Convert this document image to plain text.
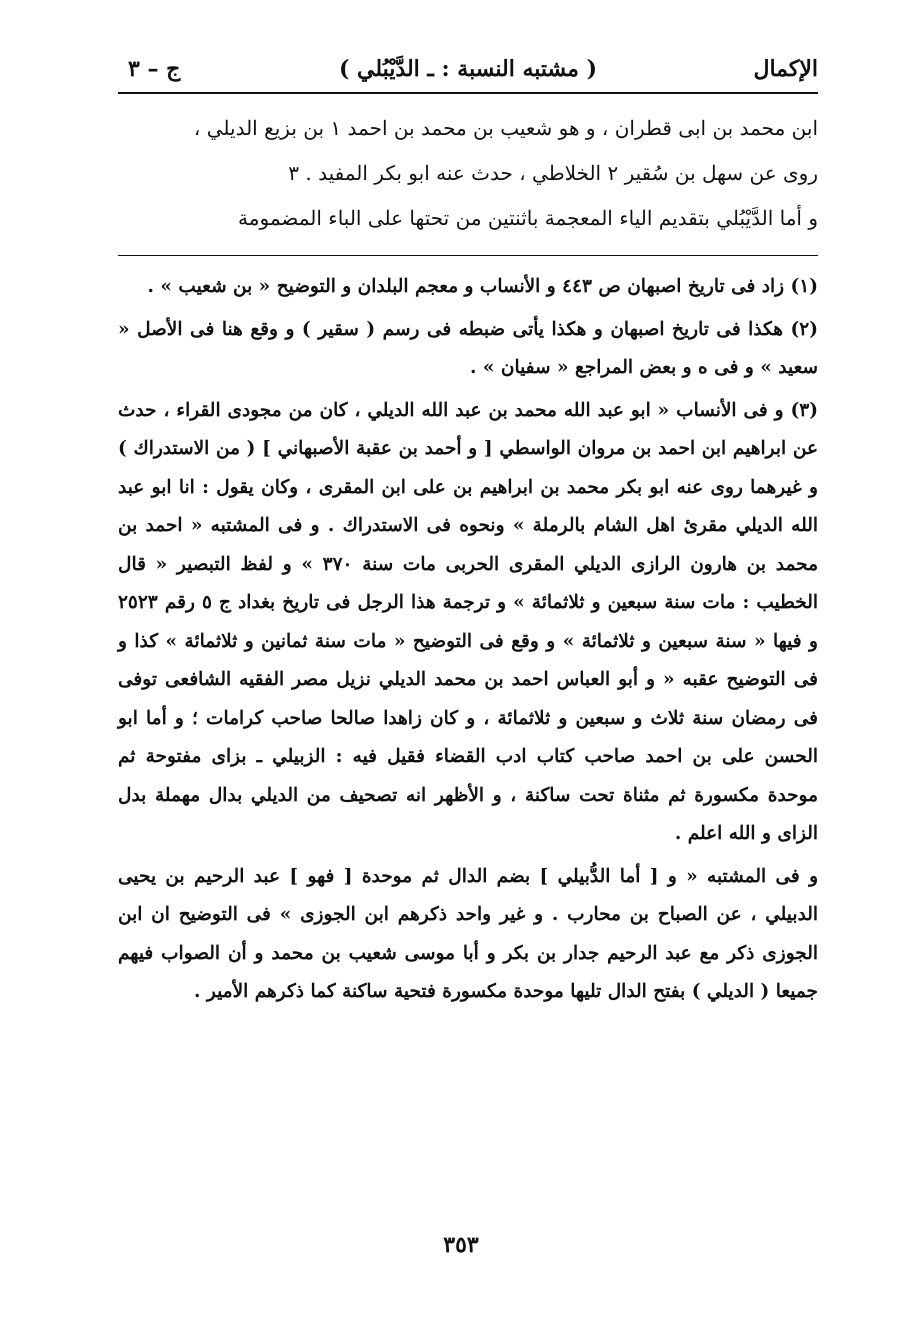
الإكمال
( مشتبه النسبة : ـ الدَّيْبُلي )
ج – ٣

ابن محمد بن ابى قطران ، و هو شعيب بن محمد بن احمد ١ بن بزيع الديلي ،

روى عن سهل بن سُقير ٢ الخلاطي ، حدث عنه ابو بكر المفيد . ٣

و أما الدَّيْبُلي بتقديم الياء المعجمة باثنتين من تحتها على الباء المضمومة

(١) زاد فى تاريخ اصبهان ص ٤٤٣ و الأنساب و معجم البلدان و التوضيح « بن شعيب » .

(٢) هكذا فى تاريخ اصبهان و هكذا يأتى ضبطه فى رسم ( سقير ) و وقع هنا فى الأصل « سعيد » و فى ه و بعض المراجع « سفيان » .

(٣) و فى الأنساب « ابو عبد الله محمد بن عبد الله الديلي ، كان من مجودى القراء ، حدث عن ابراهيم ابن احمد بن مروان الواسطي [ و أحمد بن عقبة الأصبهاني ] ( من الاستدراك ) و غيرهما روى عنه ابو بكر محمد بن ابراهيم بن على ابن المقرى ، وكان يقول : انا ابو عبد الله الديلي مقرئ اهل الشام بالرملة » ونحوه فى الاستدراك . و فى المشتبه « احمد بن محمد بن هارون الرازى الديلي المقرى الحربى مات سنة ٣٧٠ » و لفظ التبصير « قال الخطيب : مات سنة سبعين و ثلاثمائة » و ترجمة هذا الرجل فى تاريخ بغداد ج ٥ رقم ٢٥٢٣ و فيها « سنة سبعين و ثلاثمائة » و وقع فى التوضيح « مات سنة ثمانين و ثلاثمائة » كذا و فى التوضيح عقبه « و أبو العباس احمد بن محمد الديلي نزيل مصر الفقيه الشافعى توفى فى رمضان سنة ثلاث و سبعين و ثلاثمائة ، و كان زاهدا صالحا صاحب كرامات ؛ و أما ابو الحسن على بن احمد صاحب كتاب ادب القضاء فقيل فيه : الزبيلي ـ بزاى مفتوحة ثم موحدة مكسورة ثم مثناة تحت ساكنة ، و الأظهر انه تصحيف من الديلي بدال مهملة بدل الزاى و الله اعلم .

و فى المشتبه « و [ أما الدُّبيلي ] بضم الدال ثم موحدة [ فهو ] عبد الرحيم بن يحيى الدبيلي ، عن الصباح بن محارب . و غير واحد ذكرهم ابن الجوزى » فى التوضيح ان ابن الجوزى ذكر مع عبد الرحيم جدار بن بكر و أبا موسى شعيب بن محمد و أن الصواب فيهم جميعا ( الديلي ) بفتح الدال تليها موحدة مكسورة فتحية ساكنة كما ذكرهم الأمير .

٣٥٣
